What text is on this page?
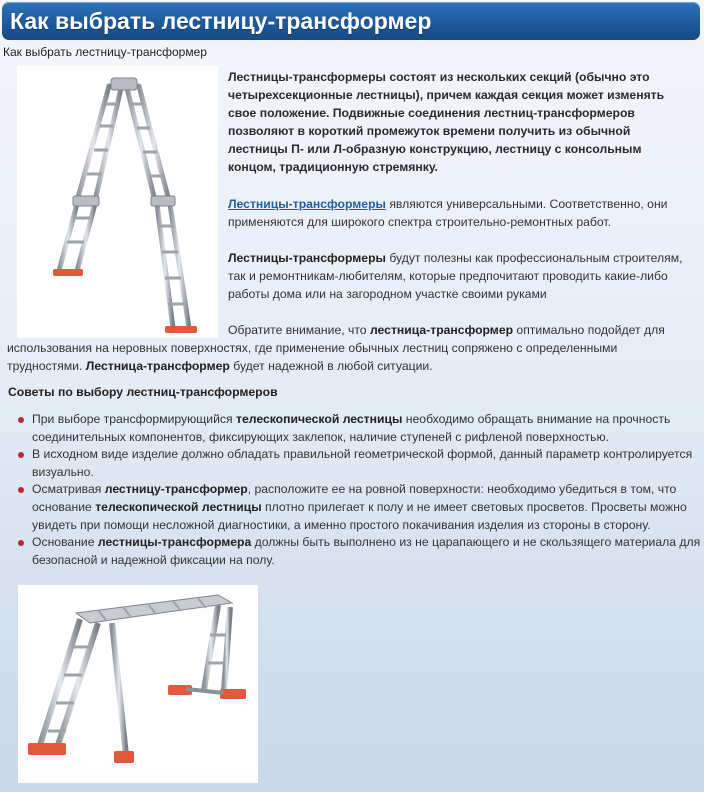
Как выбрать лестницу-трансформер
Как выбрать лестницу-трансформер
Лестницы-трансформеры состоят из нескольких секций (обычно это четырехсекционные лестницы), причем каждая секция может изменять свое положение. Подвижные соединения лестниц-трансформеров позволяют в короткий промежуток времени получить из обычной лестницы П- или Л-образную конструкцию, лестницу с консольным концом, традиционную стремянку.
Лестницы-трансформеры являются универсальными. Соответственно, они применяются для широкого спектра строительно-ремонтных работ.
Лестницы-трансформеры будут полезны как профессиональным строителям, так и ремонтникам-любителям, которые предпочитают проводить какие-либо работы дома или на загородном участке своими руками
Обратите внимание, что лестница-трансформер оптимально подойдет для использования на неровных поверхностях, где применение обычных лестниц сопряжено с определенными трудностями. Лестница-трансформер будет надежной в любой ситуации.
Советы по выбору лестниц-трансформеров
При выборе трансформирующийся телескопической лестницы необходимо обращать внимание на прочность соединительных компонентов, фиксирующих заклепок, наличие ступеней с рифленой поверхностью.
В исходном виде изделие должно обладать правильной геометрической формой, данный параметр контролируется визуально.
Осматривая лестницу-трансформер, расположите ее на ровной поверхности: необходимо убедиться в том, что основание телескопической лестницы плотно прилегает к полу и не имеет световых просветов. Просветы можно увидеть при помощи несложной диагностики, а именно простого покачивания изделия из стороны в сторону.
Основание лестницы-трансформера должны быть выполнено из не царапающего и не скользящего материала для безопасной и надежной фиксации на полу.
